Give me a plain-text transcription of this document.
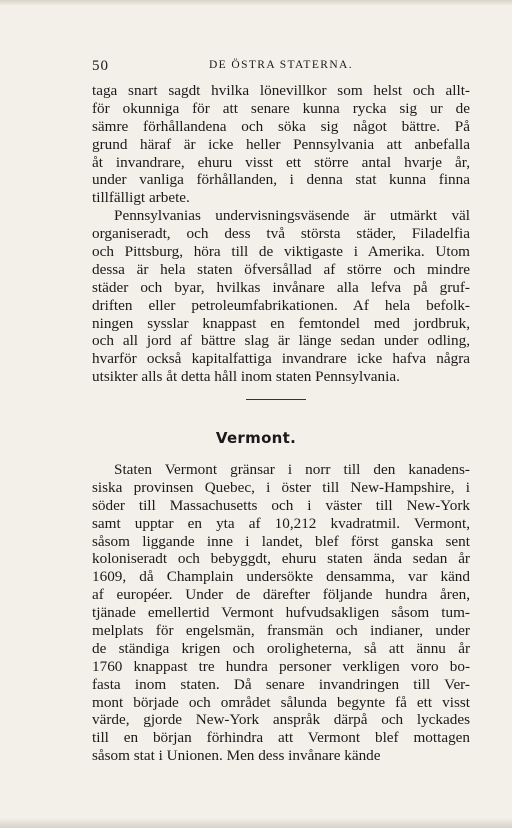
50	DE ÖSTRA STATERNA.

taga snart sagdt hvilka lönevillkor som helst och allt-
för okunniga för att senare kunna rycka sig ur de
sämre förhållandena och söka sig något bättre. På
grund häraf är icke heller Pennsylvania att anbefalla
åt invandrare, ehuru visst ett större antal hvarje år,
under vanliga förhållanden, i denna stat kunna finna
tillfälligt arbete.

Pennsylvanias undervisningsväsende är utmärkt väl
organiseradt, och dess två största städer, Filadelfia
och Pittsburg, höra till de viktigaste i Amerika. Utom
dessa är hela staten öfversållad af större och mindre
städer och byar, hvilkas invånare alla lefva på gruf-
driften eller petroleumfabrikationen. Af hela befolk-
ningen sysslar knappast en femtondel med jordbruk,
och all jord af bättre slag är länge sedan under odling,
hvarför också kapitalfattiga invandrare icke hafva några
utsikter alls åt detta håll inom staten Pennsylvania.

Vermont.

Staten Vermont gränsar i norr till den kanadens-
siska provinsen Quebec, i öster till New-Hampshire, i
söder till Massachusetts och i väster till New-York
samt upptar en yta af 10,212 kvadratmil. Vermont,
såsom liggande inne i landet, blef först ganska sent
koloniseradt och bebyggdt, ehuru staten ända sedan år
1609, då Champlain undersökte densamma, var känd
af européer. Under de därefter följande hundra åren,
tjänade emellertid Vermont hufvudsakligen såsom tum-
melplats för engelsmän, fransmän och indianer, under
de ständiga krigen och oroligheterna, så att ännu år
1760 knappast tre hundra personer verkligen voro bo-
fasta inom staten. Då senare invandringen till Ver-
mont började och området sålunda begynte få ett visst
värde, gjorde New-York anspråk därpå och lyckades
till en början förhindra att Vermont blef mottagen
såsom stat i Unionen. Men dess invånare kände
